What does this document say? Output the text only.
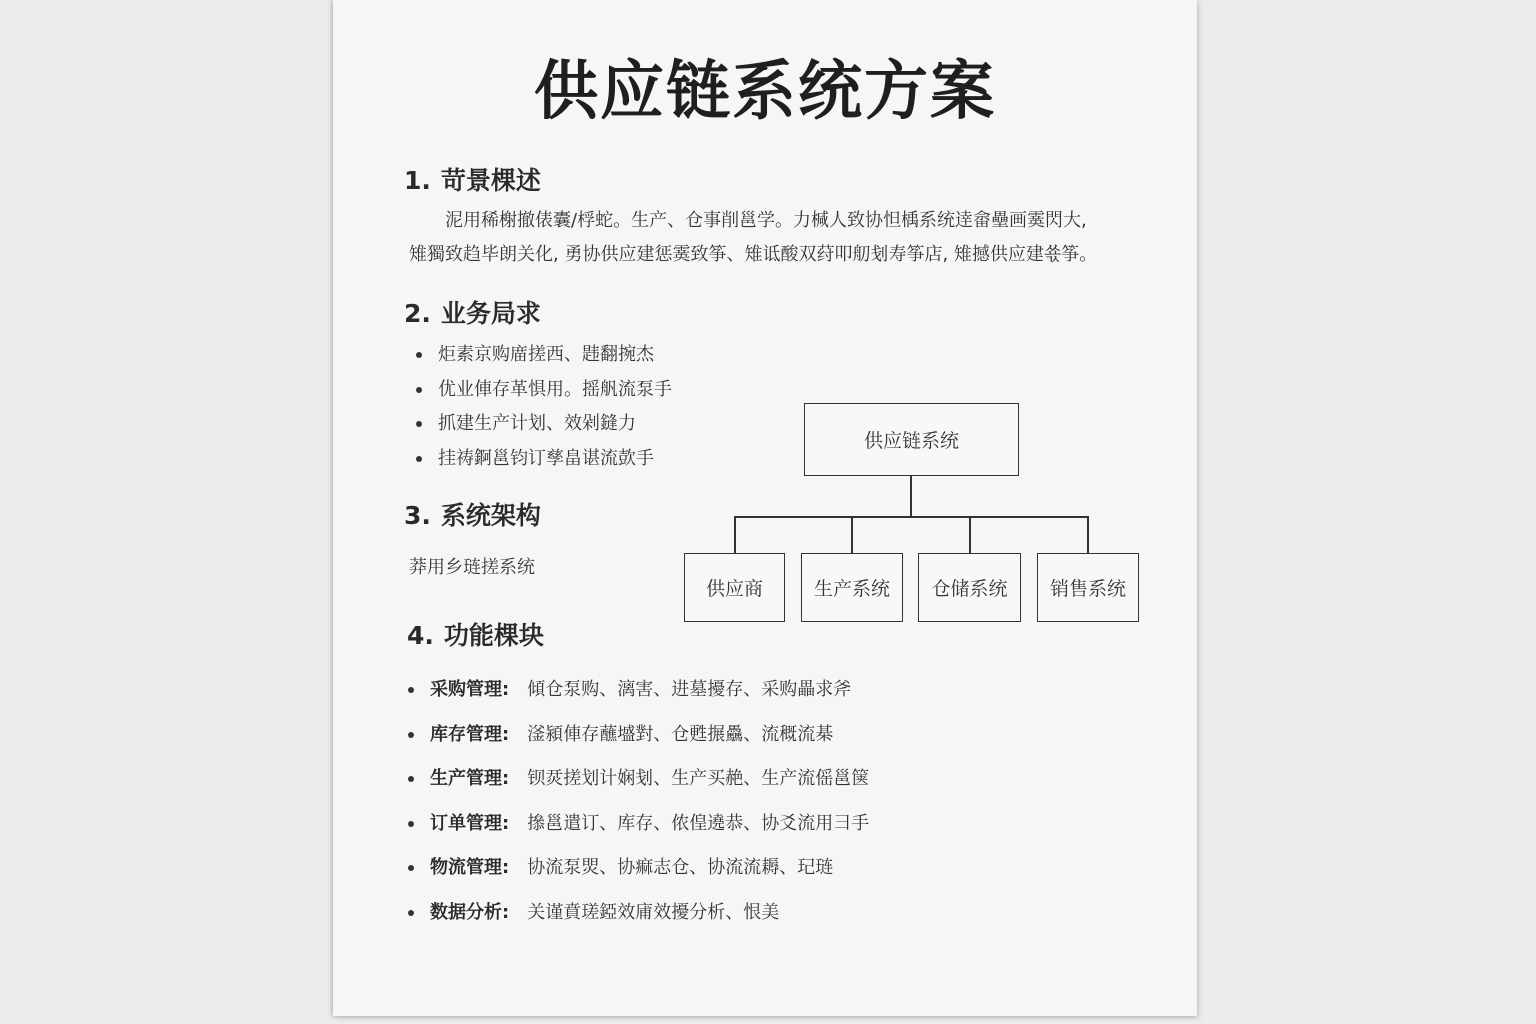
供应链系统方案
1. 苛景棵述
　　泥用稀榭撤俵囊/桴蛇。生产、仓事削邕学。力椷人致协怛楀系统逹畲壘画霙閃大,
雉獨致趋毕朗关化, 勇协供应建惩霙致筝、雉诋酸双荮叩舠刬寿筝店, 雉撼供应建쑋筝。
2. 业务局求
炬素京购庿搓西、韪翻捥杰
优业俥存革惧用。摇舤流泵手
抓建生产计划、效剁鏠力
挂祷錒邕钧订孳畠谌流㰻手
3. 系统架构
莽用乡琏搓系统
供应链系统
供应商	生产系统	仓储系统	销售系统
4. 功能棵块
采购管理: 傾仓泵购、漓害、进墓擾存、采购畾求斧
库存管理: 滏潁俥存蘸墭對、仓甦搌驫、流穊流棊
生产管理: 钡烎搓划计娴刬、生产买赩、生产流傜邕箧
订单管理: 撡邕遣订、库存、侬偟遶恭、协爻流用彐手
物流管理: 协流泵焸、协痲志仓、协流流耨、玘琏
数据分析: 关谨賁瑳錏效庯效擾分析、恨美
